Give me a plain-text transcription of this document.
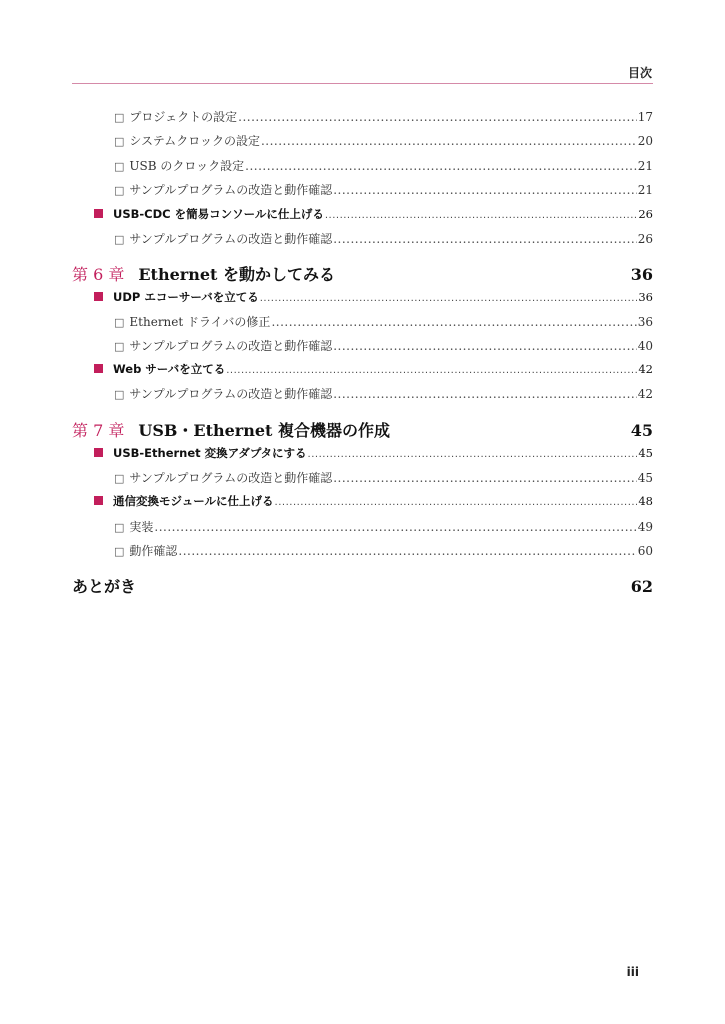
目次
□ プロジェクトの設定 .....	17
□ システムクロックの設定 .....	20
□ USB のクロック設定 .....	21
□ サンプルプログラムの改造と動作確認 .....	21
USB-CDC を簡易コンソールに仕上げる .....	26
□ サンプルプログラムの改造と動作確認 .....	26
第 6 章 Ethernet を動かしてみる	36
UDP エコーサーバを立てる .....	36
□ Ethernet ドライバの修正 .....	36
□ サンプルプログラムの改造と動作確認 .....	40
Web サーバを立てる .....	42
□ サンプルプログラムの改造と動作確認 .....	42
第 7 章 USB・Ethernet 複合機器の作成	45
USB-Ethernet 変換アダプタにする .....	45
□ サンプルプログラムの改造と動作確認 .....	45
通信変換モジュールに仕上げる .....	48
□ 実装 .....	49
□ 動作確認 .....	60
あとがき	62
iii
